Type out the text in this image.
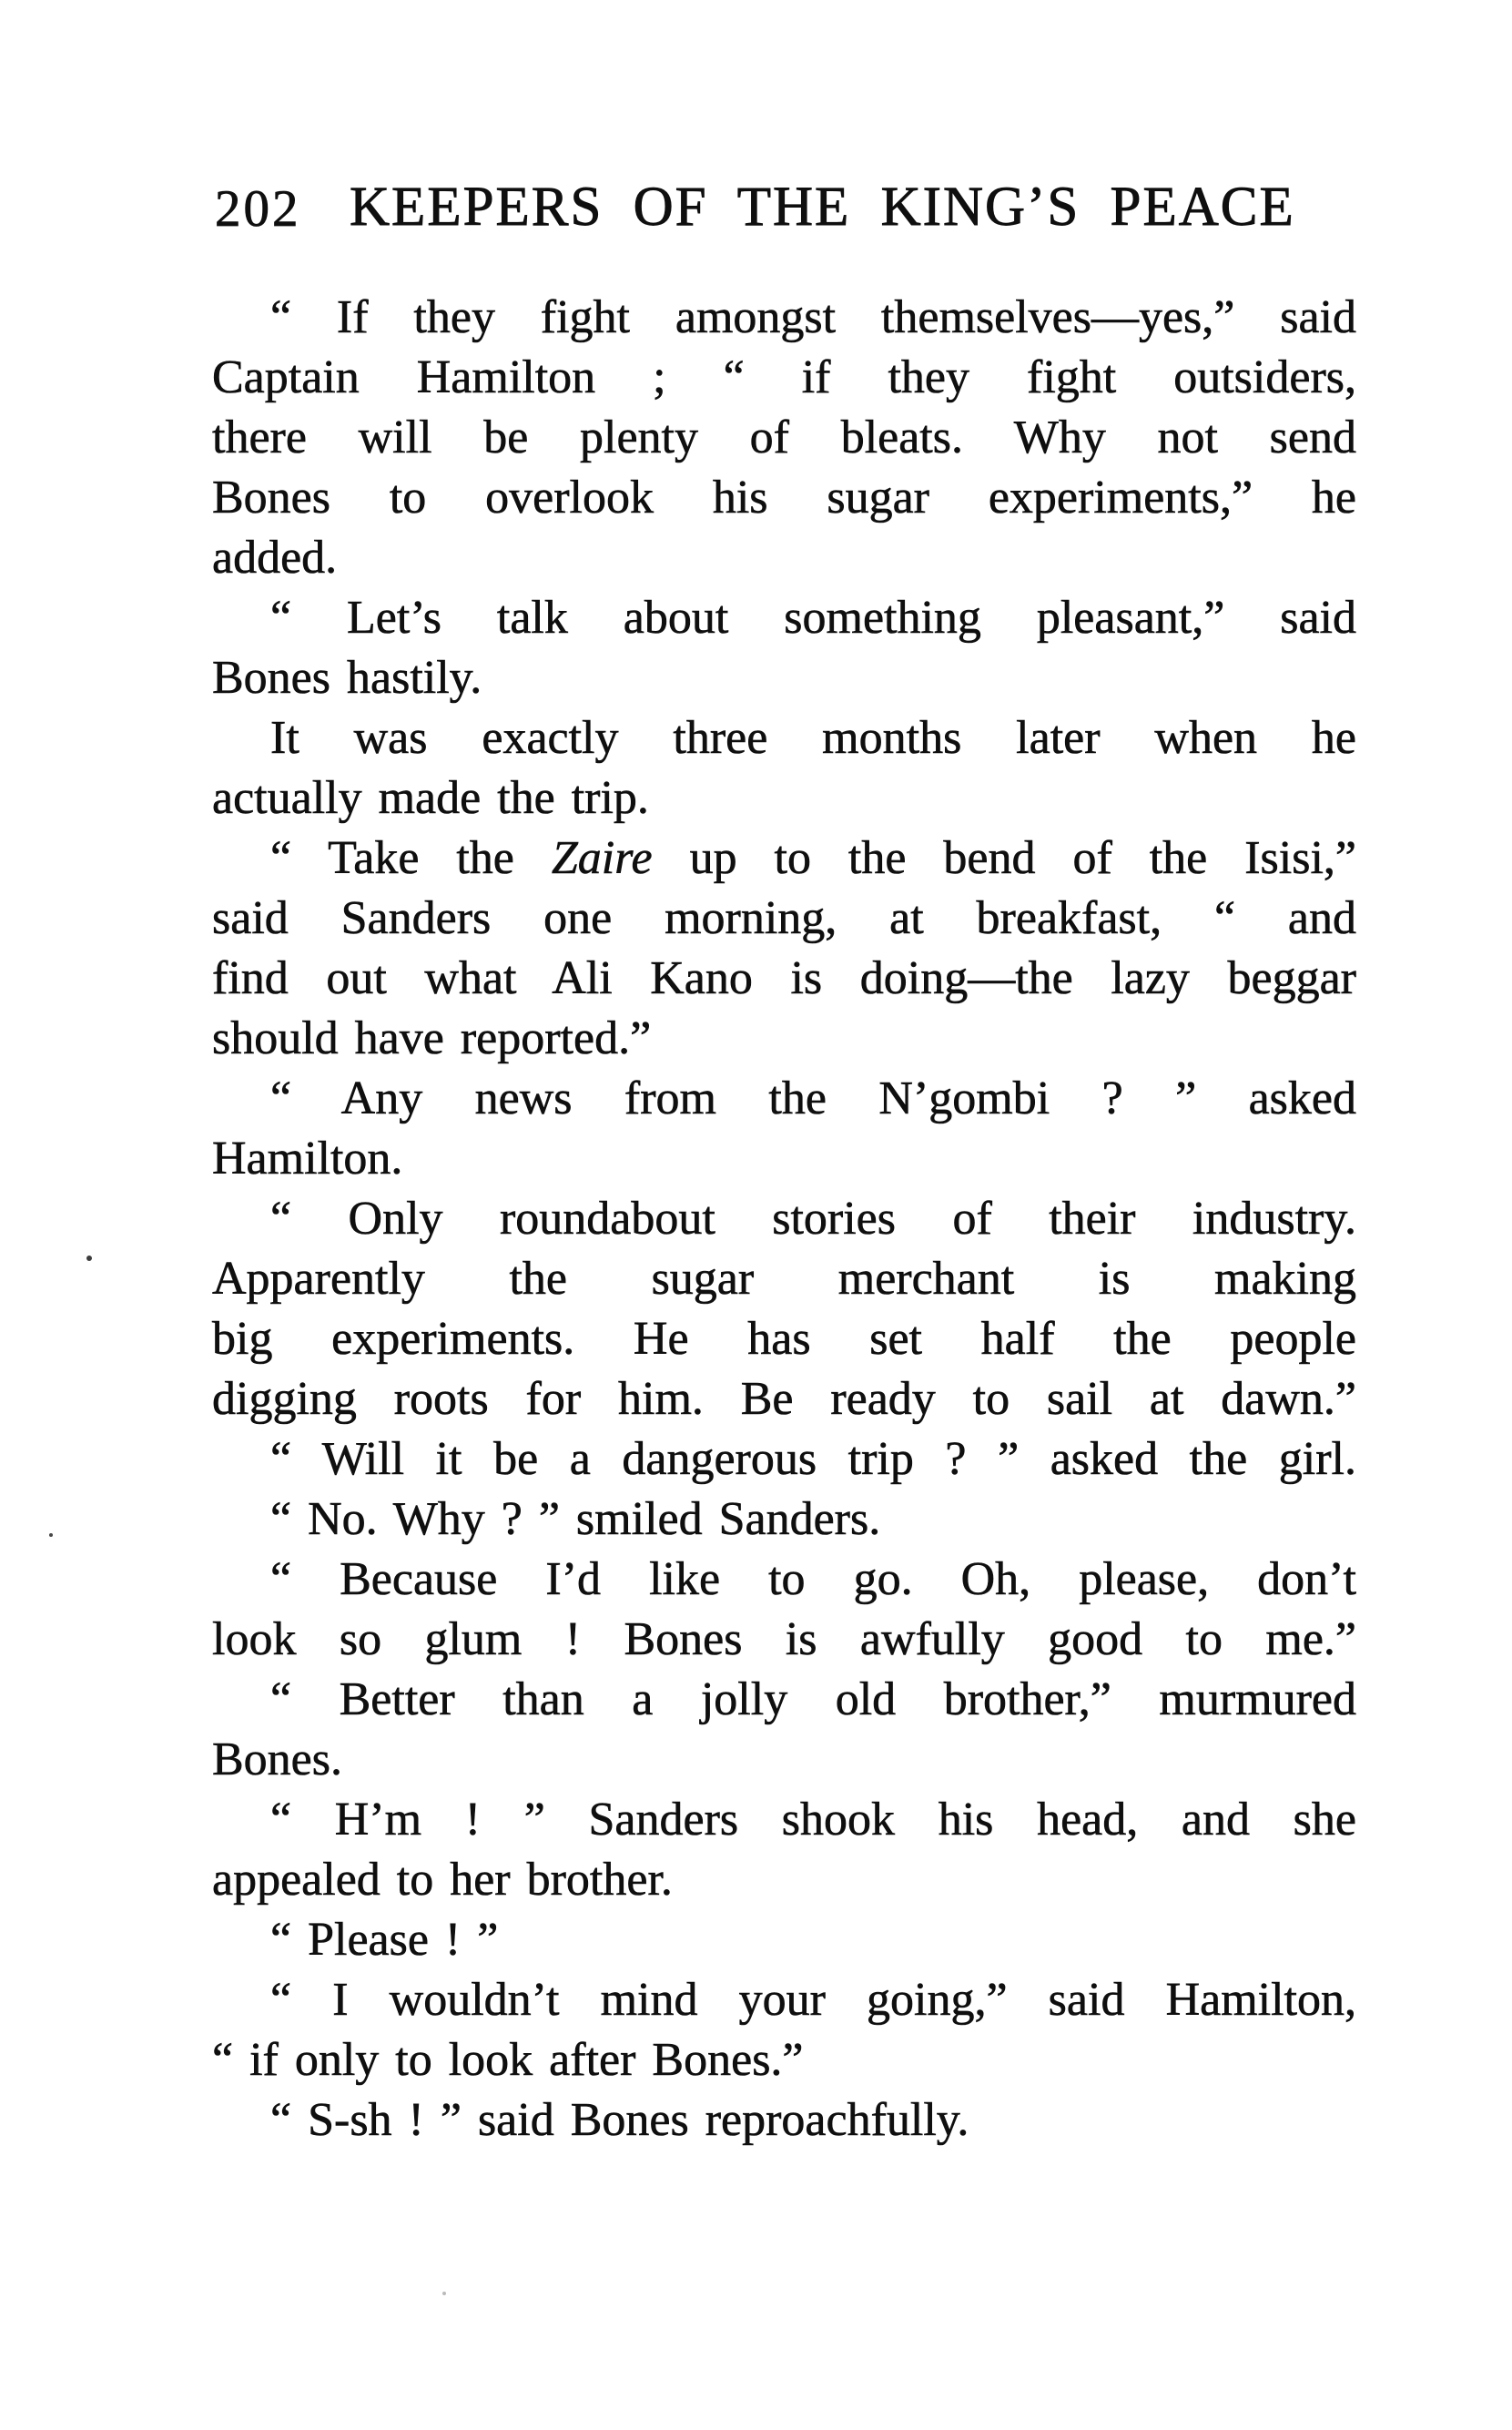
202 KEEPERS OF THE KING’S PEACE
“ If they fight amongst themselves—yes,” said
Captain Hamilton ; “ if they fight outsiders,
there will be plenty of bleats. Why not send
Bones to overlook his sugar experiments,” he
added.
“ Let’s talk about something pleasant,” said
Bones hastily.
It was exactly three months later when he
actually made the trip.
“ Take the Zaire up to the bend of the Isisi,”
said Sanders one morning, at breakfast, “ and
find out what Ali Kano is doing—the lazy beggar
should have reported.”
“ Any news from the N’gombi ? ” asked
Hamilton.
“ Only roundabout stories of their industry.
Apparently the sugar merchant is making
big experiments. He has set half the people
digging roots for him. Be ready to sail at dawn.”
“ Will it be a dangerous trip ? ” asked the girl.
“ No. Why ? ” smiled Sanders.
“ Because I’d like to go. Oh, please, don’t
look so glum ! Bones is awfully good to me.”
“ Better than a jolly old brother,” murmured
Bones.
“ H’m ! ” Sanders shook his head, and she
appealed to her brother.
“ Please ! ”
“ I wouldn’t mind your going,” said Hamilton,
“ if only to look after Bones.”
“ S-sh ! ” said Bones reproachfully.
